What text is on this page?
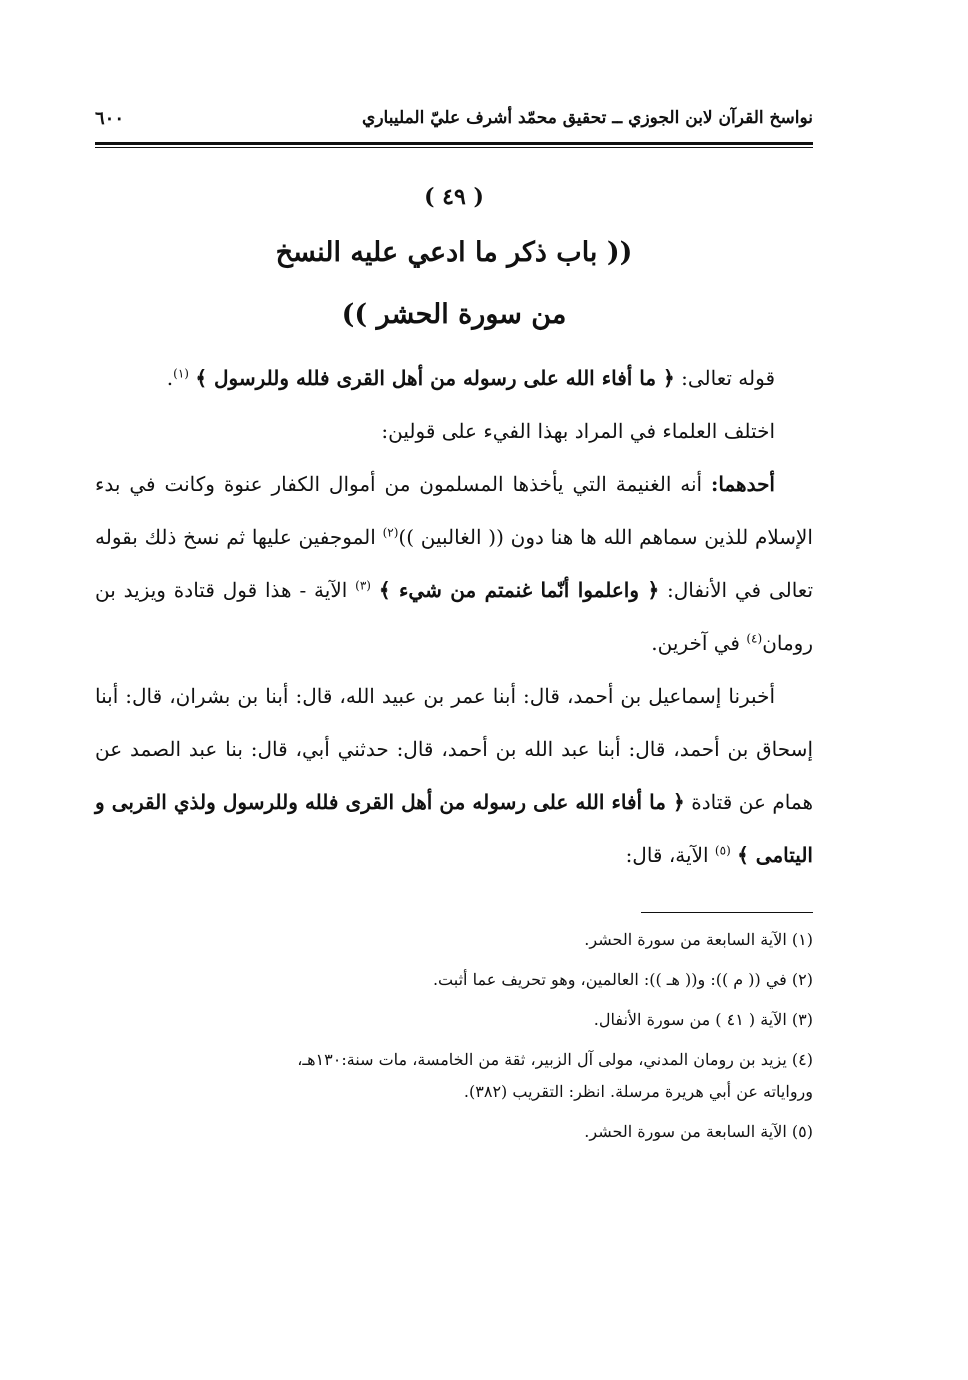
نواسخ القرآن لابن الجوزي ــ تحقيق محمّد أشرف عليّ المليباري
٦٠٠
( ٤٩ )
(( باب ذكر ما ادعي عليه النسخ
من سورة الحشر ))

قوله تعالى: ﴿ ما أفاء الله على رسوله من أهل القرى فلله وللرسول ﴾ $^{(١)}$.

اختلف العلماء في المراد بهذا الفيء على قولين:

أحدهما: أنه الغنيمة التي يأخذها المسلمون من أموال الكفار عنوة وكانت في بدء الإسلام للذين سماهم الله ها هنا دون (( الغالبين ))$^{(٢)}$ الموجفين عليها ثم نسخ ذلك بقوله تعالى في الأنفال: ﴿ واعلموا أنّما غنمتم من شيء ﴾ $^{(٣)}$ الآية - هذا قول قتادة ويزيد بن رومان$^{(٤)}$ في آخرين.

أخبرنا إسماعيل بن أحمد، قال: أبنا عمر بن عبيد الله، قال: أبنا بن بشران، قال: أبنا إسحاق بن أحمد، قال: أبنا عبد الله بن أحمد، قال: حدثني أبي، قال: بنا عبد الصمد عن همام عن قتادة ﴿ ما أفاء الله على رسوله من أهل القرى فلله وللرسول ولذي القربى و اليتامى ﴾ $^{(٥)}$ الآية، قال:

(١) الآية السابعة من سورة الحشر.

(٢) في (( م )): و(( هـ )): العالمين، وهو تحريف عما أثبت.

(٣) الآية ( ٤١ ) من سورة الأنفال.

(٤) يزيد بن رومان المدني، مولى آل الزبير، ثقة من الخامسة، مات سنة:١٣٠هـ،

ورواياته عن أبي هريرة مرسلة. انظر: التقريب (٣٨٢).

(٥) الآية السابعة من سورة الحشر.
